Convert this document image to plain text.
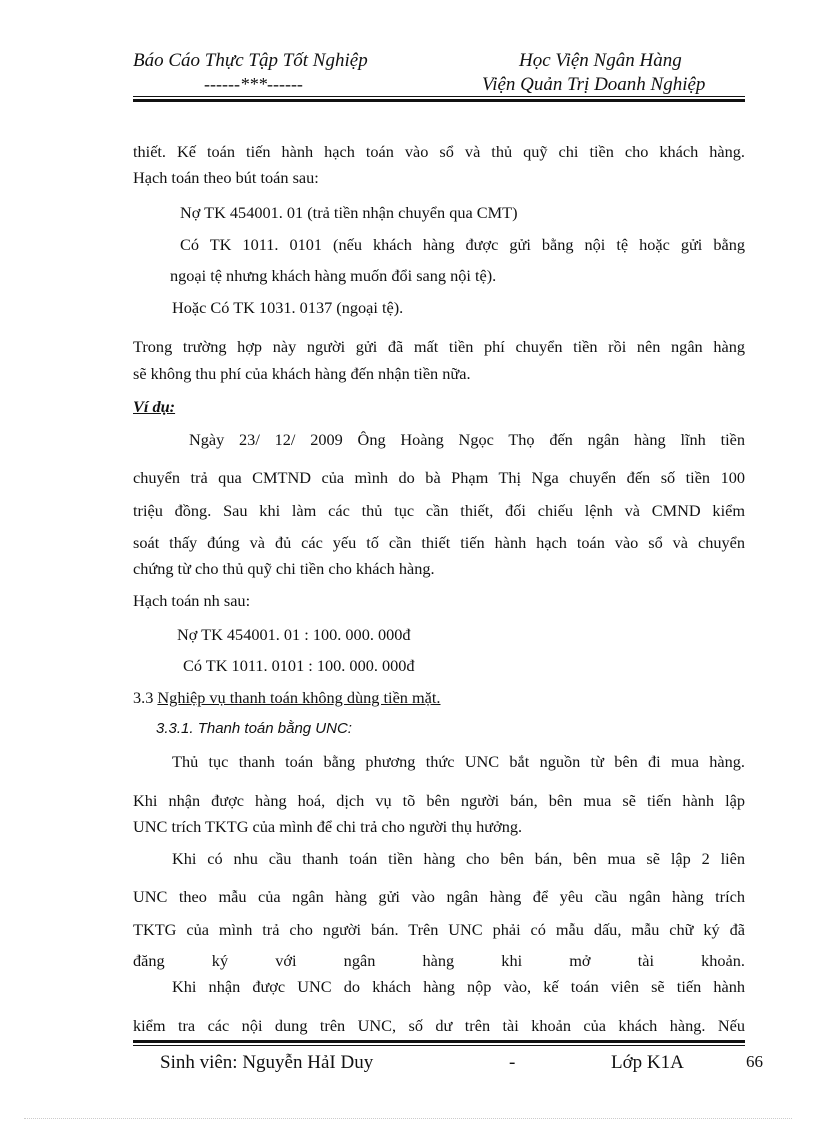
Báo Cáo Thực Tập Tốt Nghiệp
------***------
Học Viện Ngân Hàng
Viện Quản Trị Doanh Nghiệp
thiết. Kế toán tiến hành hạch toán vào sổ và thủ quỹ chi tiền cho khách hàng.
Hạch toán theo bút toán sau:
Nợ TK 454001. 01 (trả tiền nhận chuyển qua CMT)
Có TK 1011. 0101 (nếu khách hàng được gửi bằng nội tệ hoặc gửi bằng
ngoại tệ nhưng khách hàng muốn đổi sang nội tệ).
Hoặc Có TK 1031. 0137 (ngoại tệ).
Trong trường hợp này người gửi đã mất tiền phí chuyển tiền rồi nên ngân hàng
sẽ không thu phí của khách hàng đến nhận tiền nữa.
Ví dụ:
Ngày 23/ 12/ 2009 Ông Hoàng Ngọc Thọ đến ngân hàng lĩnh tiền
chuyển trả qua CMTND của mình do bà Phạm Thị Nga chuyển đến số tiền 100
triệu đồng. Sau khi làm các thủ tục cần thiết, đối chiếu lệnh và CMND kiểm
soát thấy đúng và đủ các yếu tố cần thiết tiến hành hạch toán vào sổ và chuyển
chứng từ cho thủ quỹ chi tiền cho khách hàng.
Hạch toán nh sau:
Nợ TK 454001. 01 : 100. 000. 000đ
Có TK 1011. 0101 : 100. 000. 000đ
3.3 Nghiệp vụ thanh toán không dùng tiền mặt.
3.3.1. Thanh toán bằng UNC:
Thủ tục thanh toán bằng phương thức UNC bắt nguồn từ bên đi mua hàng.
Khi nhận được hàng hoá, dịch vụ tõ bên người bán, bên mua sẽ tiến hành lập
UNC trích TKTG của mình để chi trả cho người thụ hưởng.
Khi có nhu cầu thanh toán tiền hàng cho bên bán, bên mua sẽ lập 2 liên
UNC theo mẫu của ngân hàng gửi vào ngân hàng để yêu cầu ngân hàng trích
TKTG của mình trả cho người bán. Trên UNC phải có mẫu dấu, mẫu chữ ký đã
đăng ký với ngân hàng khi mở tài khoản.
Khi nhận được UNC do khách hàng nộp vào, kế toán viên sẽ tiến hành
kiểm tra các nội dung trên UNC, số dư trên tài khoản của khách hàng. Nếu
Sinh viên: Nguyễn HảI Duy	-	Lớp K1A	66
